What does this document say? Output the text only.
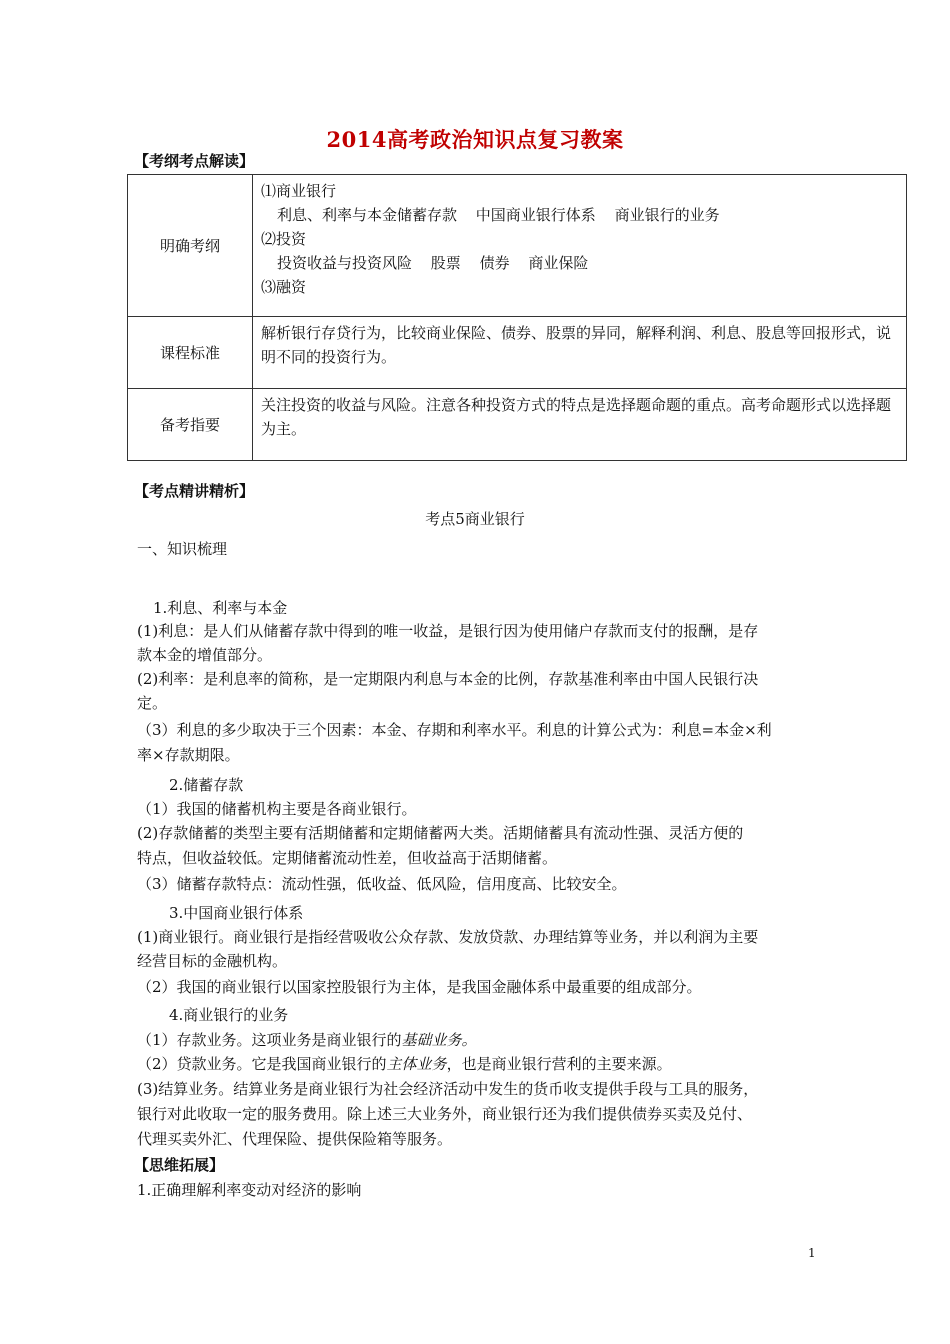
2014高考政治知识点复习教案
【考纲考点解读】
明确考纲	⑴商业银行
利息、利率与本金储蓄存款 中国商业银行体系 商业银行的业务
⑵投资
投资收益与投资风险 股票 债券 商业保险
⑶融资

课程标准	解析银行存贷行为，比较商业保险、债券、股票的异同，解释利润、利息、股息等回报形式，说明不同的投资行为。
备考指要	关注投资的收益与风险。注意各种投资方式的特点是选择题命题的重点。高考命题形式以选择题为主。
【考点精讲精析】
考点5商业银行
一、知识梳理
1.利息、利率与本金
(1)利息：是人们从储蓄存款中得到的唯一收益，是银行因为使用储户存款而支付的报酬，是存
款本金的增值部分。
(2)利率：是利息率的简称，是一定期限内利息与本金的比例，存款基准利率由中国人民银行决
定。
（3）利息的多少取决于三个因素：本金、存期和利率水平。利息的计算公式为：利息=本金×利
率×存款期限。
2.储蓄存款
（1）我国的储蓄机构主要是各商业银行。
(2)存款储蓄的类型主要有活期储蓄和定期储蓄两大类。活期储蓄具有流动性强、灵活方便的
特点，但收益较低。定期储蓄流动性差，但收益高于活期储蓄。
（3）储蓄存款特点：流动性强，低收益、低风险，信用度高、比较安全。
3.中国商业银行体系
(1)商业银行。商业银行是指经营吸收公众存款、发放贷款、办理结算等业务，并以利润为主要
经营目标的金融机构。
（2）我国的商业银行以国家控股银行为主体，是我国金融体系中最重要的组成部分。
4.商业银行的业务
（1）存款业务。这项业务是商业银行的基础业务。
（2）贷款业务。它是我国商业银行的主体业务，也是商业银行营利的主要来源。
(3)结算业务。结算业务是商业银行为社会经济活动中发生的货币收支提供手段与工具的服务，
银行对此收取一定的服务费用。除上述三大业务外，商业银行还为我们提供债券买卖及兑付、
代理买卖外汇、代理保险、提供保险箱等服务。
【思维拓展】
1.正确理解利率变动对经济的影响
1
